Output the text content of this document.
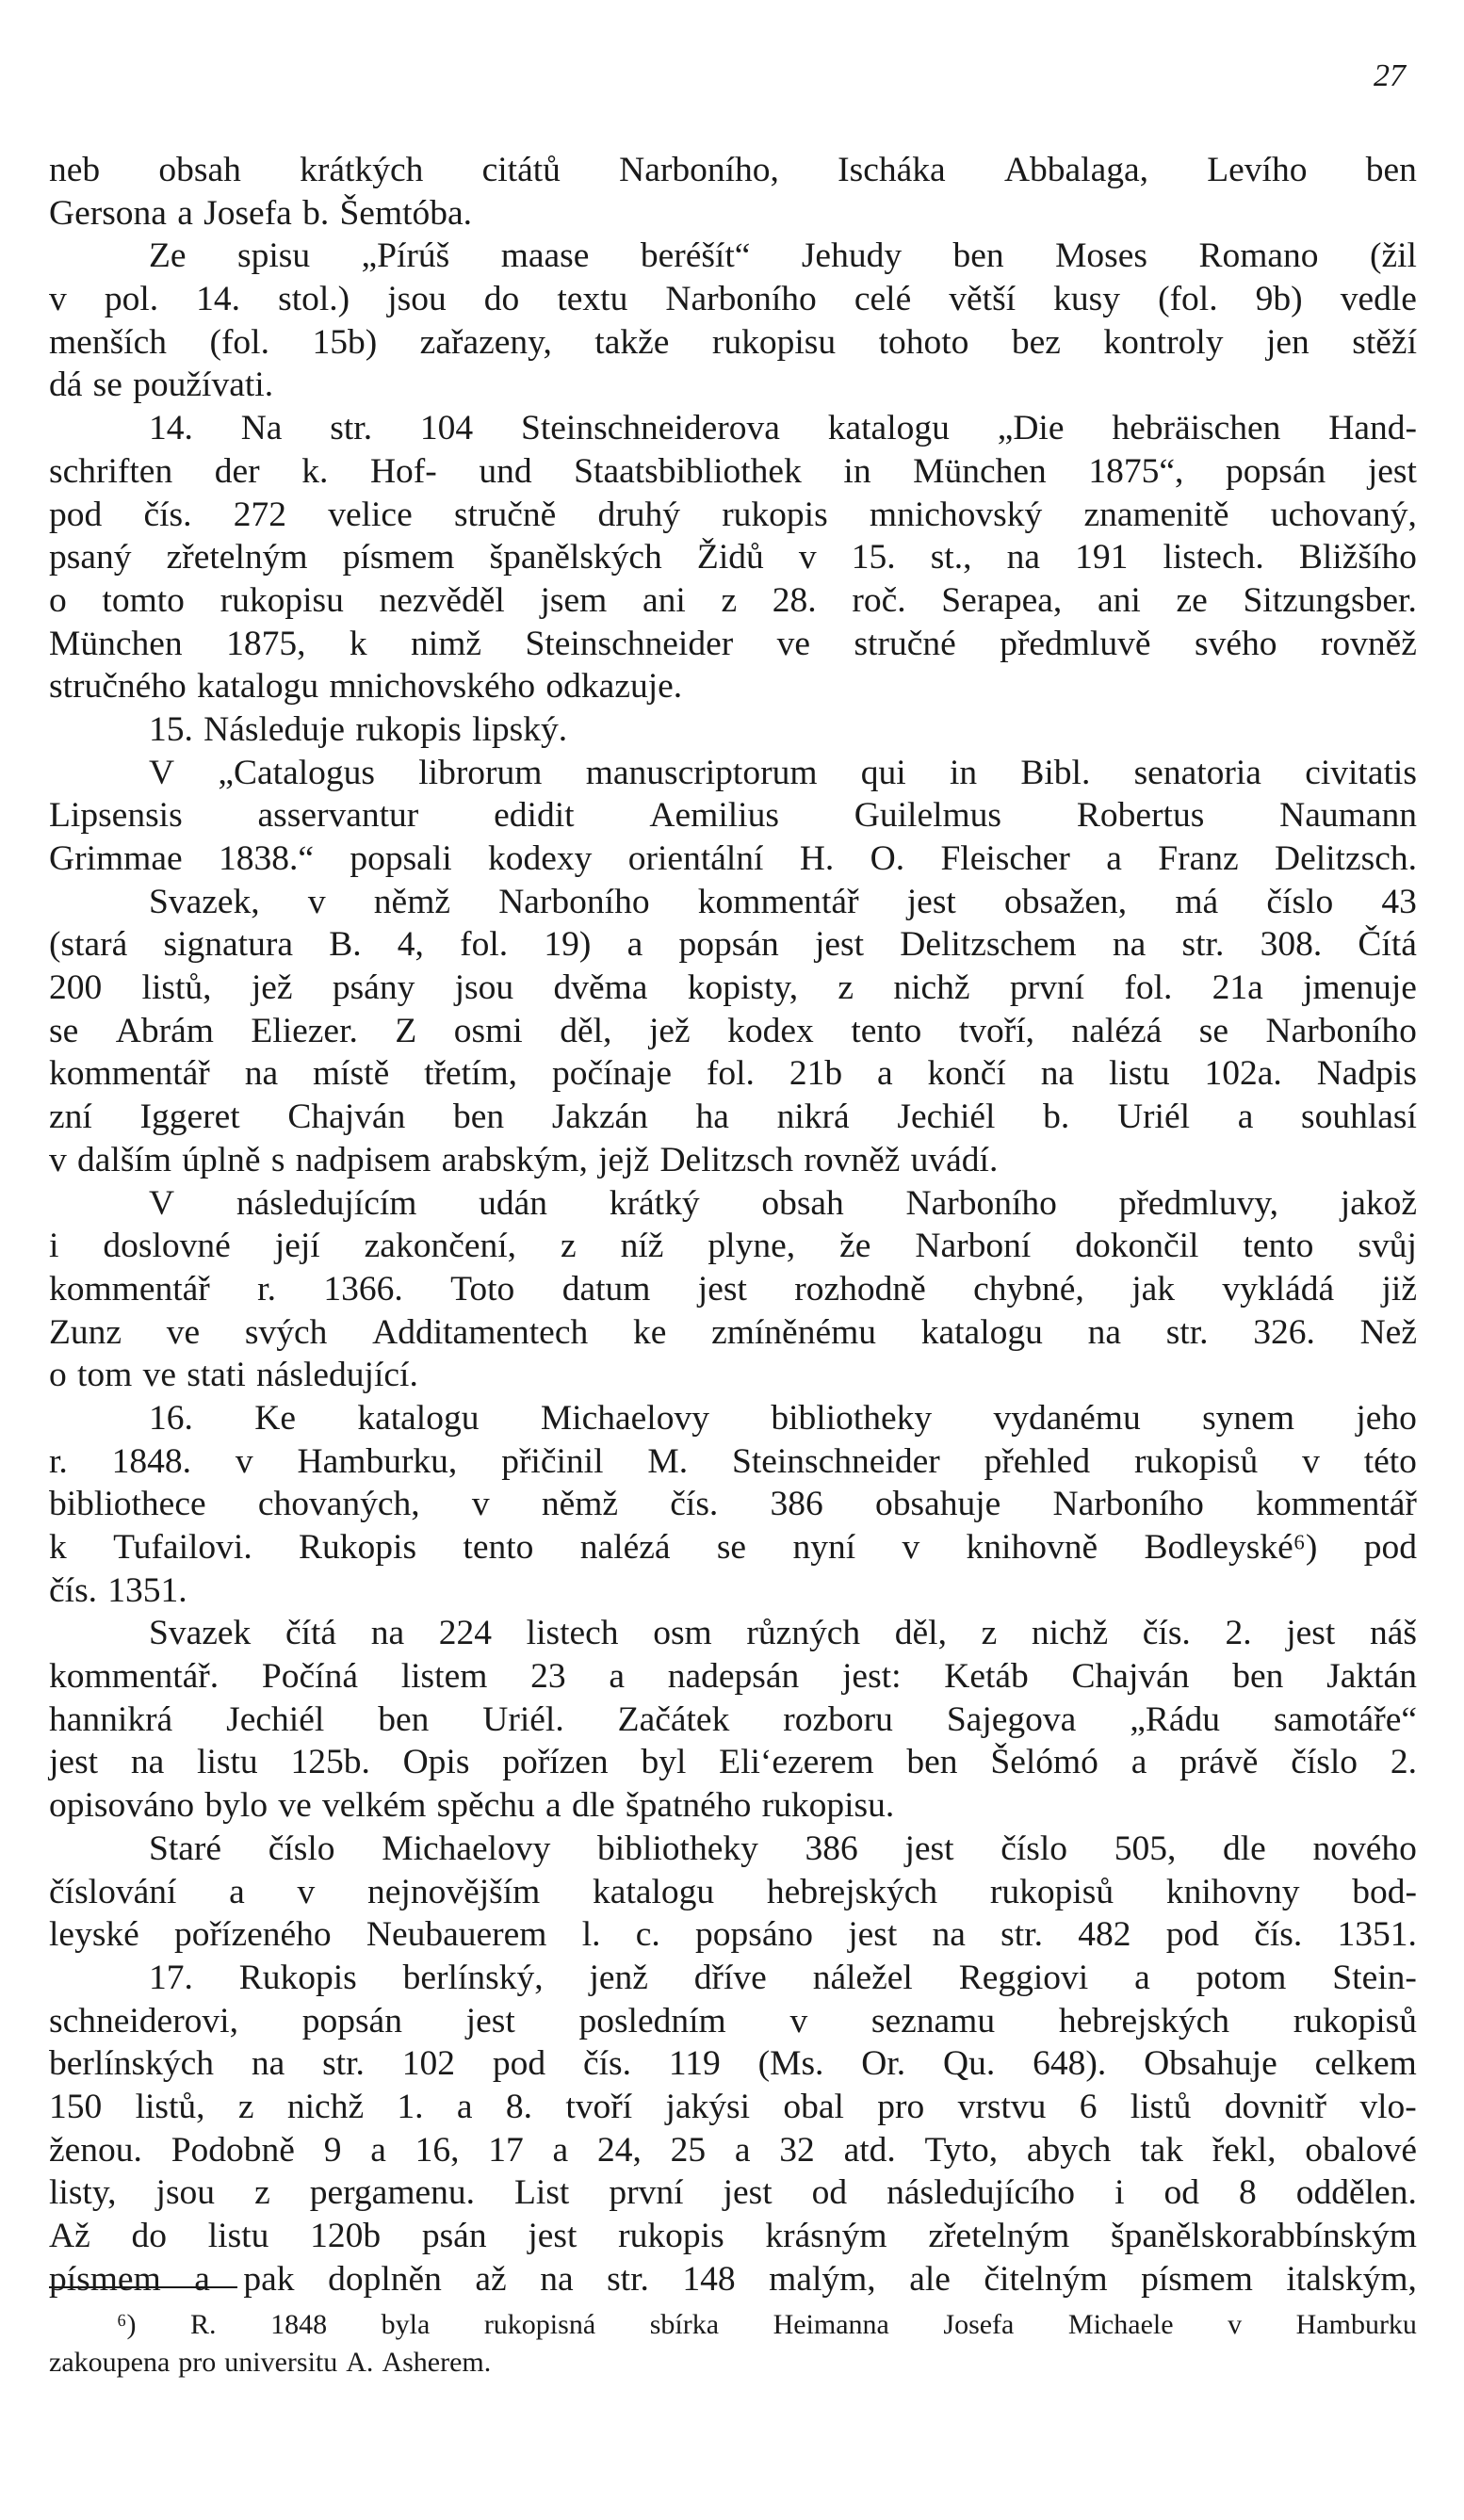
27
neb obsah krátkých citátů Narboního, Ischáka Abbalaga, Levího ben
Gersona a Josefa b. Šemtóba.
Ze spisu „Pírúš maase beréšít“ Jehudy ben Moses Romano (žil
v pol. 14. stol.) jsou do textu Narboního celé větší kusy (fol. 9b) vedle
menších (fol. 15b) zařazeny, takže rukopisu tohoto bez kontroly jen stěží
dá se používati.
14. Na str. 104 Steinschneiderova katalogu „Die hebräischen Hand-
schriften der k. Hof- und Staatsbibliothek in München 1875“, popsán jest
pod čís. 272 velice stručně druhý rukopis mnichovský znamenitě uchovaný,
psaný zřetelným písmem španělských Židů v 15. st., na 191 listech. Bližšího
o tomto rukopisu nezvěděl jsem ani z 28. roč. Serapea, ani ze Sitzungsber.
München 1875, k nimž Steinschneider ve stručné předmluvě svého rovněž
stručného katalogu mnichovského odkazuje.
15. Následuje rukopis lipský.
V „Catalogus librorum manuscriptorum qui in Bibl. senatoria civitatis
Lipsensis asservantur edidit Aemilius Guilelmus Robertus Naumann
Grimmae 1838.“ popsali kodexy orientální H. O. Fleischer a Franz Delitzsch.
Svazek, v němž Narboního kommentář jest obsažen, má číslo 43
(stará signatura B. 4, fol. 19) a popsán jest Delitzschem na str. 308. Čítá
200 listů, jež psány jsou dvěma kopisty, z nichž první fol. 21a jmenuje
se Abrám Eliezer. Z osmi děl, jež kodex tento tvoří, nalézá se Narboního
kommentář na místě třetím, počínaje fol. 21b a končí na listu 102a. Nadpis
zní Iggeret Chajván ben Jakzán ha nikrá Jechiél b. Uriél a souhlasí
v dalším úplně s nadpisem arabským, jejž Delitzsch rovněž uvádí.
V následujícím udán krátký obsah Narboního předmluvy, jakož
i doslovné její zakončení, z níž plyne, že Narboní dokončil tento svůj
kommentář r. 1366. Toto datum jest rozhodně chybné, jak vykládá již
Zunz ve svých Additamentech ke zmíněnému katalogu na str. 326. Než
o tom ve stati následující.
16. Ke katalogu Michaelovy bibliotheky vydanému synem jeho
r. 1848. v Hamburku, přičinil M. Steinschneider přehled rukopisů v této
bibliothece chovaných, v němž čís. 386 obsahuje Narboního kommentář
k Tufailovi. Rukopis tento nalézá se nyní v knihovně Bodleyské⁶) pod
čís. 1351.
Svazek čítá na 224 listech osm různých děl, z nichž čís. 2. jest náš
kommentář. Počíná listem 23 a nadepsán jest: Ketáb Chajván ben Jaktán
hannikrá Jechiél ben Uriél. Začátek rozboru Sajegova „Rádu samotáře“
jest na listu 125b. Opis pořízen byl Eli‘ezerem ben Šelómó a právě číslo 2.
opisováno bylo ve velkém spěchu a dle špatného rukopisu.
Staré číslo Michaelovy bibliotheky 386 jest číslo 505, dle nového
číslování a v nejnovějším katalogu hebrejských rukopisů knihovny bod-
leyské pořízeného Neubauerem l. c. popsáno jest na str. 482 pod čís. 1351.
17. Rukopis berlínský, jenž dříve náležel Reggiovi a potom Stein-
schneiderovi, popsán jest posledním v seznamu hebrejských rukopisů
berlínských na str. 102 pod čís. 119 (Ms. Or. Qu. 648). Obsahuje celkem
150 listů, z nichž 1. a 8. tvoří jakýsi obal pro vrstvu 6 listů dovnitř vlo-
ženou. Podobně 9 a 16, 17 a 24, 25 a 32 atd. Tyto, abych tak řekl, obalové
listy, jsou z pergamenu. List první jest od následujícího i od 8 oddělen.
Až do listu 120b psán jest rukopis krásným zřetelným španělskorabbínským
písmem a pak doplněn až na str. 148 malým, ale čitelným písmem italským,
⁶) R. 1848 byla rukopisná sbírka Heimanna Josefa Michaele v Hamburku
zakoupena pro universitu A. Asherem.
